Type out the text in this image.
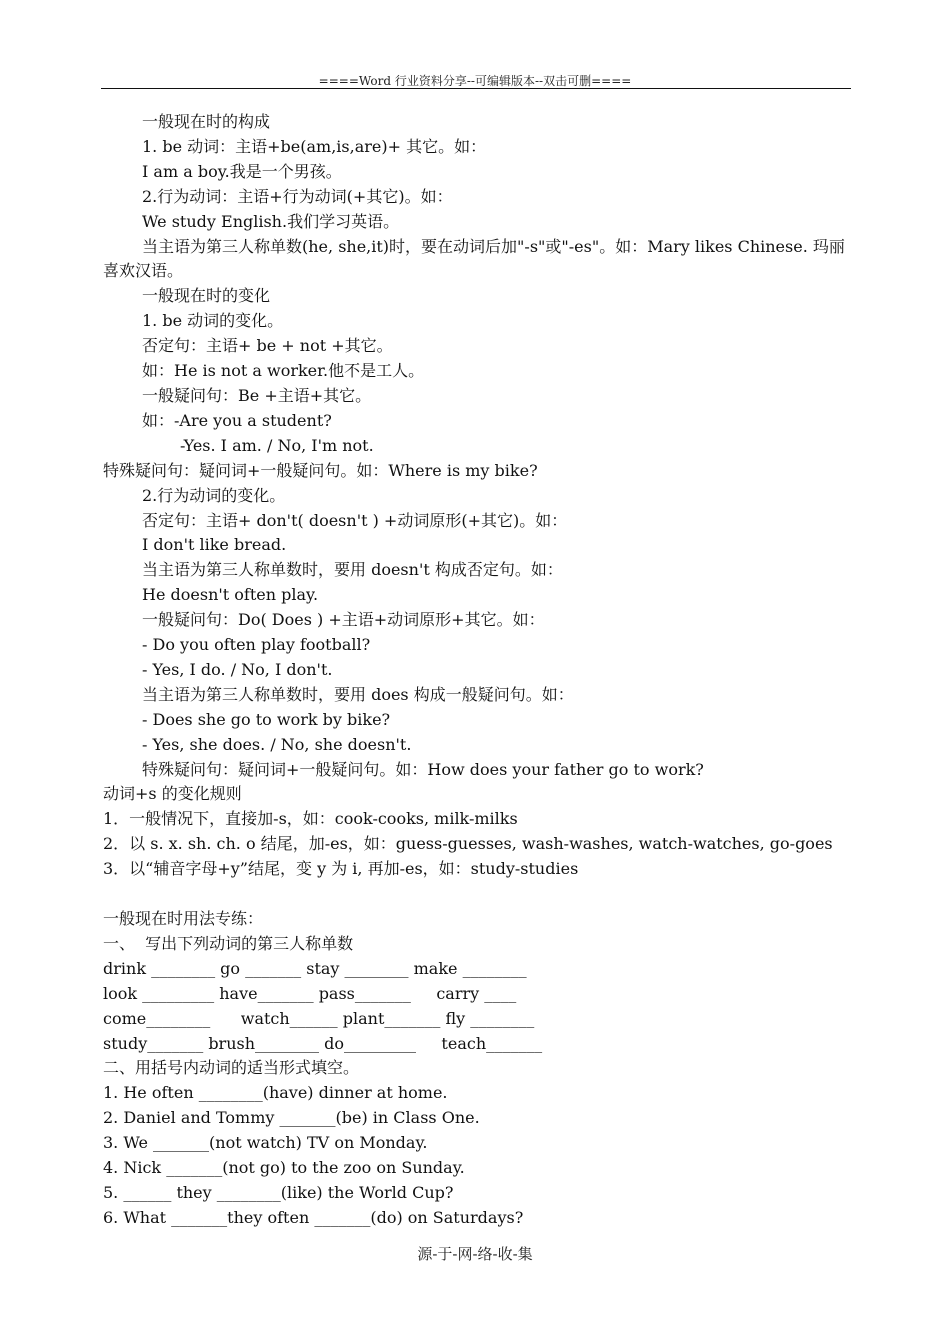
====Word 行业资料分享--可编辑版本--双击可删====
一般现在时的构成
1. be 动词：主语+be(am,is,are)+ 其它。如：
I am a boy.我是一个男孩。
2.行为动词：主语+行为动词(+其它)。如：
We study English.我们学习英语。
当主语为第三人称单数(he, she,it)时，要在动词后加"-s"或"-es"。如：Mary likes Chinese. 玛丽喜欢汉语。
一般现在时的变化
1. be 动词的变化。
否定句：主语+ be + not +其它。
如：He is not a worker.他不是工人。
一般疑问句：Be +主语+其它。
如：-Are you a student?
-Yes. I am. / No, I'm not.
特殊疑问句：疑问词+一般疑问句。如：Where is my bike?
2.行为动词的变化。
否定句：主语+ don't( doesn't ) +动词原形(+其它)。如：
I don't like bread.
当主语为第三人称单数时，要用 doesn't 构成否定句。如：
He doesn't often play.
一般疑问句：Do( Does ) +主语+动词原形+其它。如：
- Do you often play football?
- Yes, I do. / No, I don't.
当主语为第三人称单数时，要用 does 构成一般疑问句。如：
- Does she go to work by bike?
- Yes, she does. / No, she doesn't.
特殊疑问句：疑问词+一般疑问句。如：How does your father go to work?
动词+s 的变化规则
1．一般情况下，直接加-s，如：cook-cooks, milk-milks
2．以 s. x. sh. ch. o 结尾，加-es，如：guess-guesses, wash-washes, watch-watches, go-goes
3．以“辅音字母+y”结尾，变 y 为 i, 再加-es，如：study-studies
一般现在时用法专练：
一、  写出下列动词的第三人称单数
drink ________ go _______ stay ________ make ________
look _________ have_______ pass_______     carry ____
come________      watch______ plant_______ fly ________
study_______ brush________ do_________     teach_______
二、用括号内动词的适当形式填空。
1. He often ________(have) dinner at home.
2. Daniel and Tommy _______(be) in Class One.
3. We _______(not watch) TV on Monday.
4. Nick _______(not go) to the zoo on Sunday.
5. ______ they ________(like) the World Cup?
6. What _______they often _______(do) on Saturdays?
源-于-网-络-收-集
